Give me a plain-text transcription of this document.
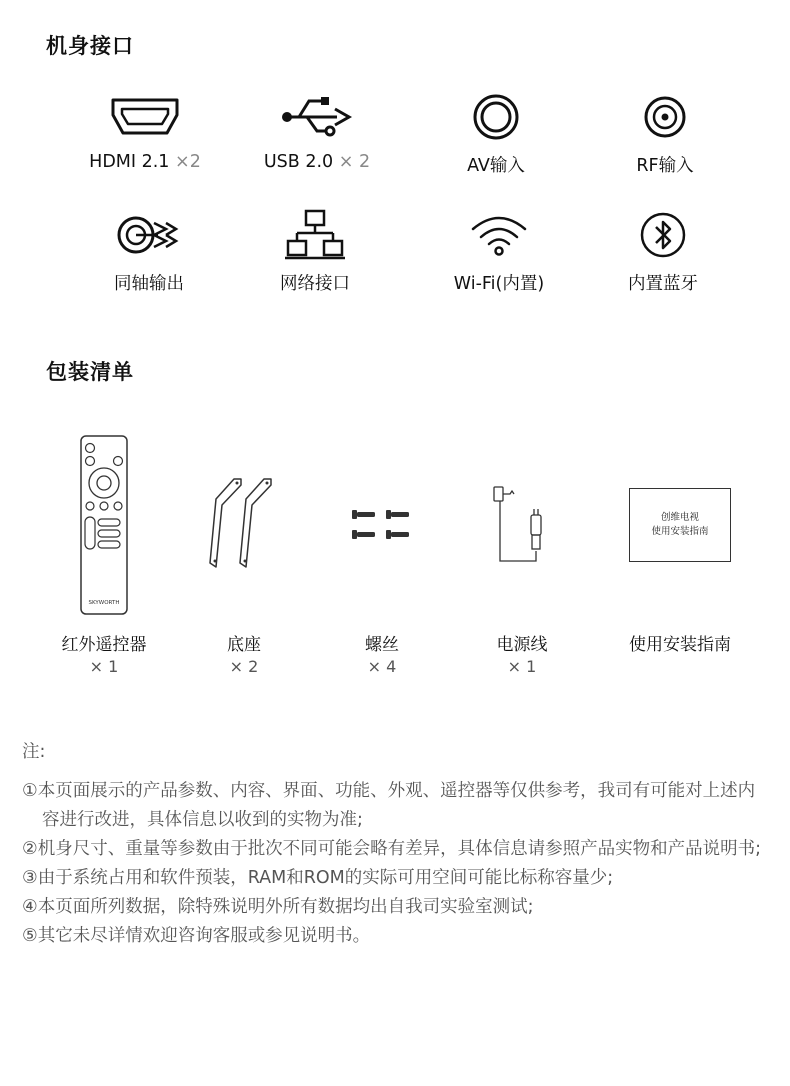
机身接口
HDMI 2.1 ×2	USB 2.0 × 2	AV输入	RF输入
同轴输出	网络接口	Wi-Fi(内置)	内置蓝牙
包装清单
SKYWORTH
红外遥控器
× 1
底座
× 2
螺丝
× 4
电源线
× 1
创维电视
使用安装指南
使用安装指南
注:
①本页面展示的产品参数、内容、界面、功能、外观、遥控器等仅供参考，我司有可能对上述内容进行改进，具体信息以收到的实物为准;
②机身尺寸、重量等参数由于批次不同可能会略有差异，具体信息请参照产品实物和产品说明书;
③由于系统占用和软件预装，RAM和ROM的实际可用空间可能比标称容量少;
④本页面所列数据，除特殊说明外所有数据均出自我司实验室测试;
⑤其它未尽详情欢迎咨询客服或参见说明书。
